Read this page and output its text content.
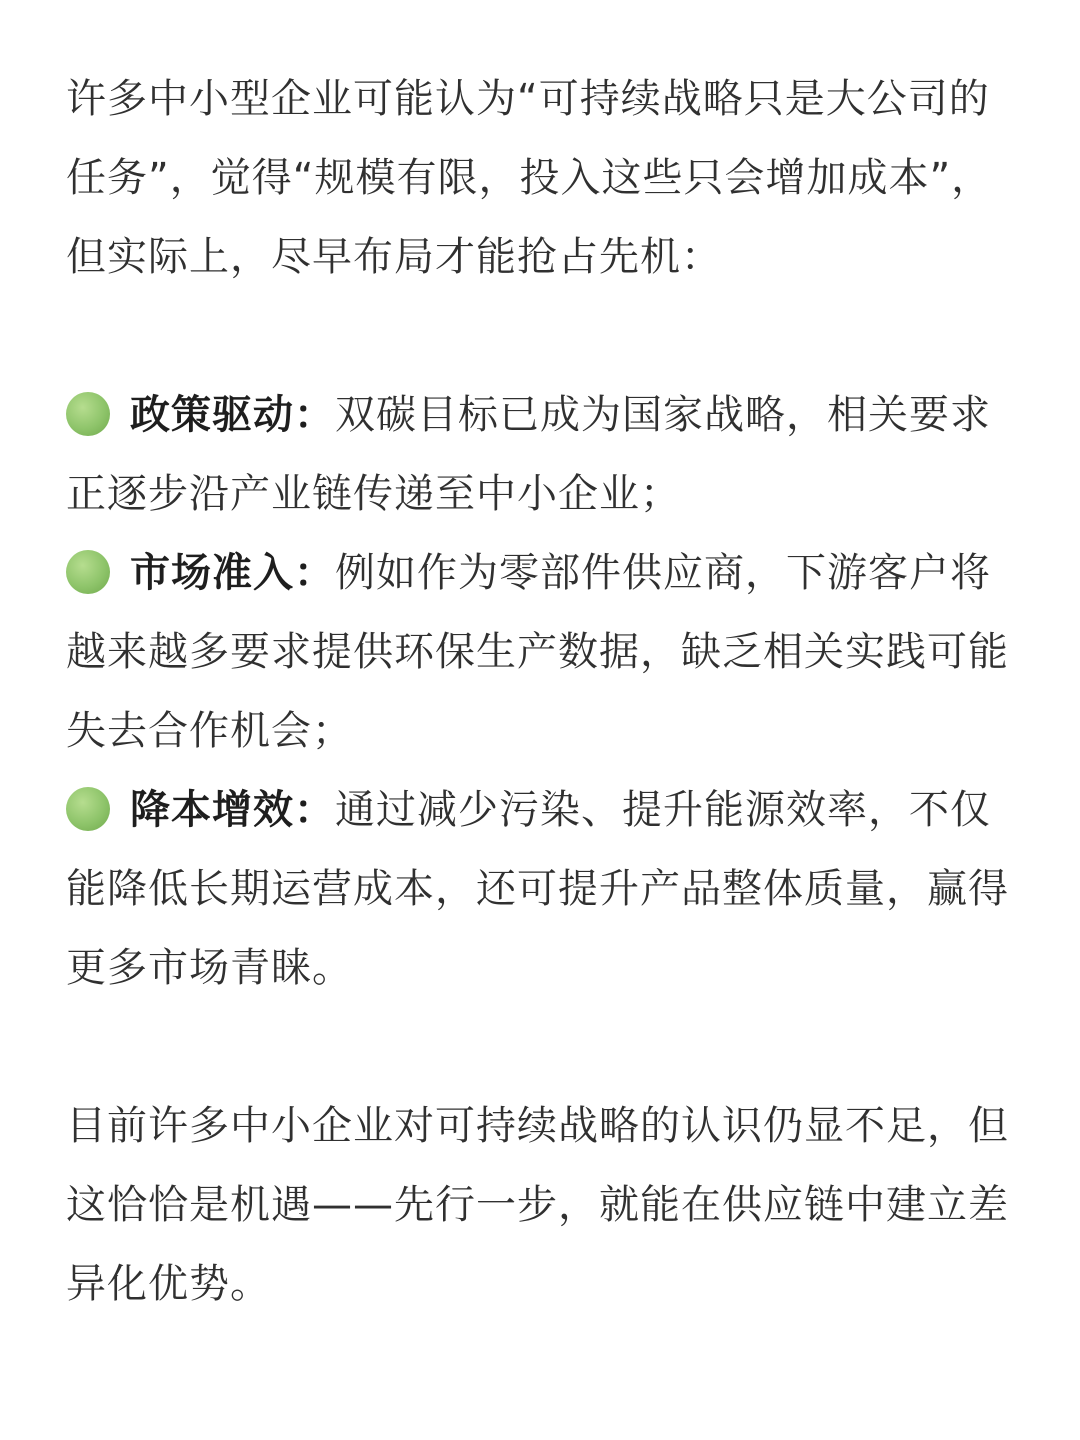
许多中小型企业可能认为“可持续战略只是大公司的任务”，觉得“规模有限，投入这些只会增加成本”，但实际上，尽早布局才能抢占先机：

政策驱动：双碳目标已成为国家战略，相关要求正逐步沿产业链传递至中小企业；

市场准入：例如作为零部件供应商，下游客户将越来越多要求提供环保生产数据，缺乏相关实践可能失去合作机会；

降本增效：通过减少污染、提升能源效率，不仅能降低长期运营成本，还可提升产品整体质量，赢得更多市场青睐。

目前许多中小企业对可持续战略的认识仍显不足，但这恰恰是机遇——先行一步，就能在供应链中建立差异化优势。
